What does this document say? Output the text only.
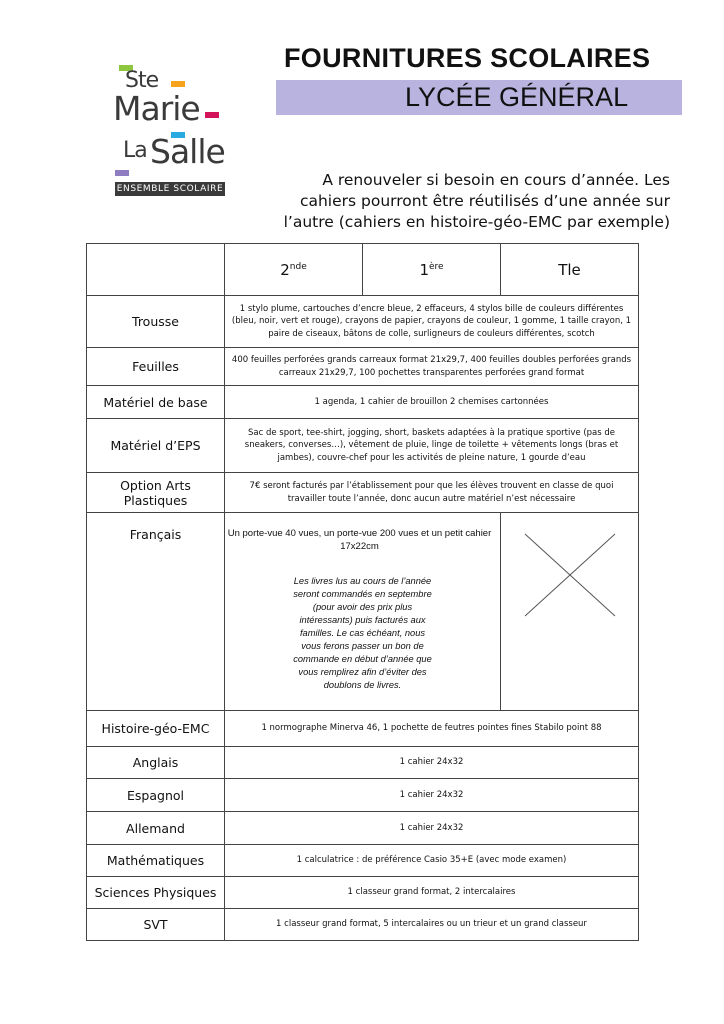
Ste
Marie
La Salle
ENSEMBLE SCOLAIRE
FOURNITURES SCOLAIRES
LYCÉE GÉNÉRAL
A renouveler si besoin en cours d’année. Les cahiers pourront être réutilisés d’une année sur l’autre (cahiers en histoire-géo-EMC par exemple)
	2nde	1ère	Tle
Trousse	1 stylo plume, cartouches d’encre bleue, 2 effaceurs, 4 stylos bille de couleurs différentes (bleu, noir, vert et rouge), crayons de papier, crayons de couleur, 1 gomme, 1 taille crayon, 1 paire de ciseaux, bâtons de colle, surligneurs de couleurs différentes, scotch		
Feuilles	400 feuilles perforées grands carreaux format 21x29,7, 400 feuilles doubles perforées grands carreaux 21x29,7, 100 pochettes transparentes perforées grand format		
Matériel de base	1 agenda, 1 cahier de brouillon 2 chemises cartonnées		
Matériel d’EPS	Sac de sport, tee-shirt, jogging, short, baskets adaptées à la pratique sportive (pas de sneakers, converses…), vêtement de pluie, linge de toilette + vêtements longs (bras et jambes), couvre-chef pour les activités de pleine nature, 1 gourde d’eau		
Option Arts Plastiques	7€ seront facturés par l’établissement pour que les élèves trouvent en classe de quoi travailler toute l’année, donc aucun autre matériel n’est nécessaire		
Français	Un porte-vue 40 vues, un porte-vue 200 vues et un petit cahier 17x22cm
Les livres lus au cours de l’année seront commandés en septembre (pour avoir des prix plus intéressants) puis facturés aux familles. Le cas échéant, nous vous ferons passer un bon de commande en début d’année que vous remplirez afin d’éviter des doublons de livres.

Histoire-géo-EMC	1 normographe Minerva 46, 1 pochette de feutres pointes fines Stabilo point 88		
Anglais	1 cahier 24x32		
Espagnol	1 cahier 24x32		
Allemand	1 cahier 24x32		
Mathématiques	1 calculatrice : de préférence Casio 35+E (avec mode examen)		
Sciences Physiques	1 classeur grand format, 2 intercalaires		
SVT	1 classeur grand format, 5 intercalaires ou un trieur et un grand classeur		
